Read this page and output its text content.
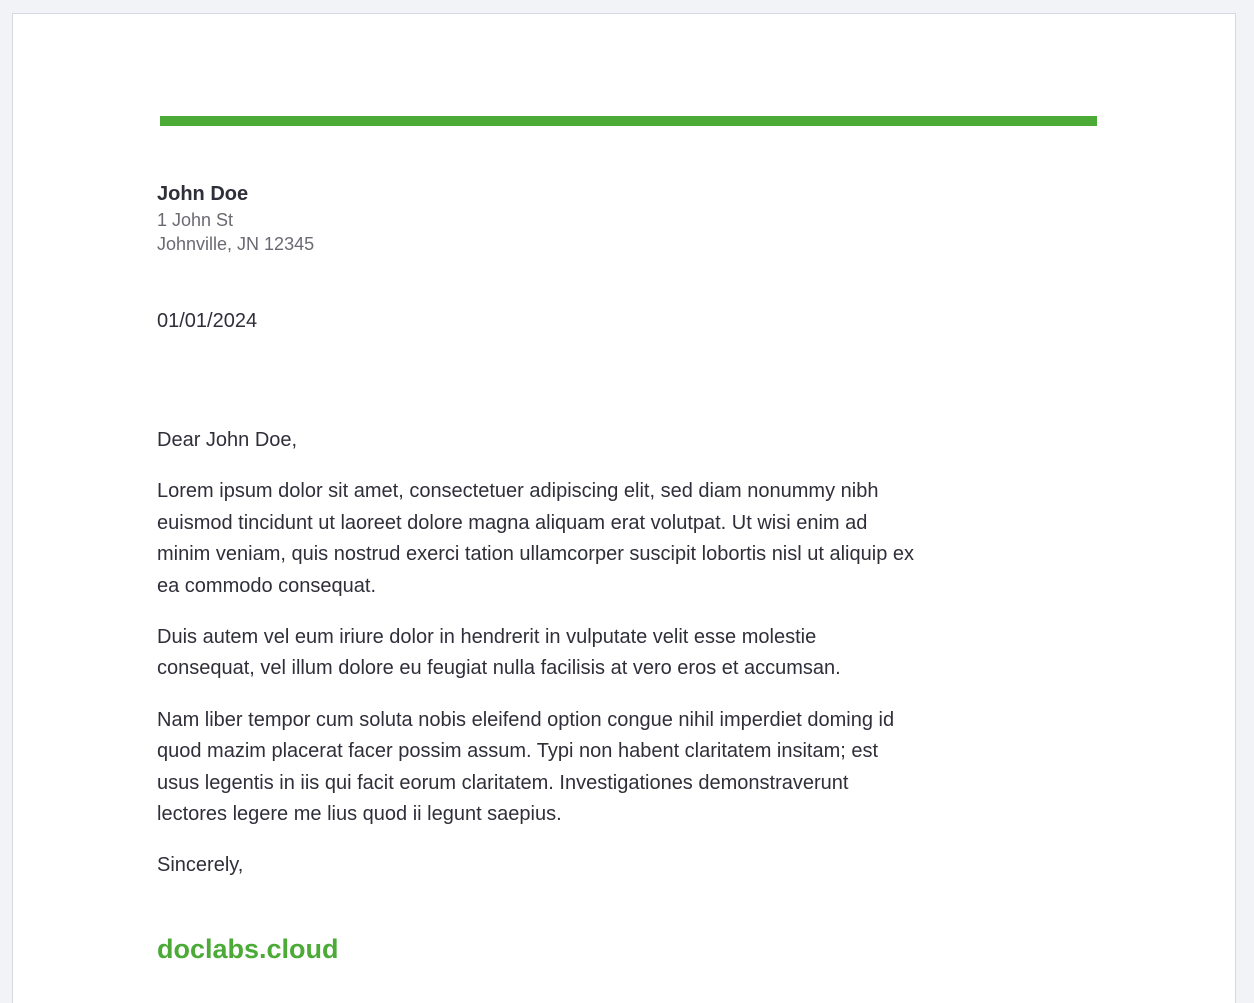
John Doe

1 John St

Johnville, JN 12345

01/01/2024

Dear John Doe,

Lorem ipsum dolor sit amet, consectetuer adipiscing elit, sed diam nonummy nibh euismod tincidunt ut laoreet dolore magna aliquam erat volutpat. Ut wisi enim ad minim veniam, quis nostrud exerci tation ullamcorper suscipit lobortis nisl ut aliquip ex ea commodo consequat.

Duis autem vel eum iriure dolor in hendrerit in vulputate velit esse molestie consequat, vel illum dolore eu feugiat nulla facilisis at vero eros et accumsan.

Nam liber tempor cum soluta nobis eleifend option congue nihil imperdiet doming id quod mazim placerat facer possim assum. Typi non habent claritatem insitam; est usus legentis in iis qui facit eorum claritatem. Investigationes demonstraverunt lectores legere me lius quod ii legunt saepius.

Sincerely,

doclabs.cloud
